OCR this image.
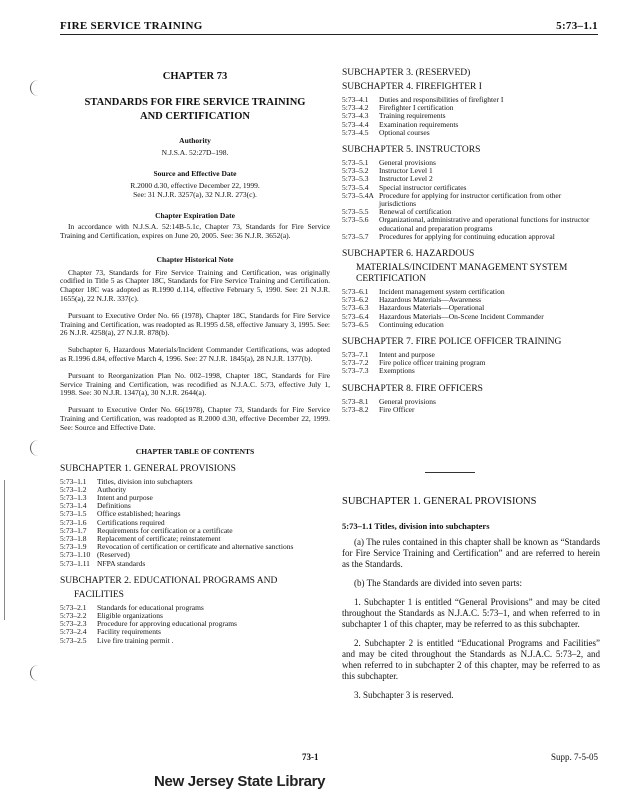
FIRE SERVICE TRAINING	5:73–1.1
CHAPTER 73
STANDARDS FOR FIRE SERVICE TRAINING
AND CERTIFICATION
Authority
N.J.S.A. 52:27D–198.
Source and Effective Date
R.2000 d.30, effective December 22, 1999.
See: 31 N.J.R. 3257(a), 32 N.J.R. 273(c).
Chapter Expiration Date

In accordance with N.J.S.A. 52:14B-5.1c, Chapter 73, Standards for Fire Service Training and Certification, expires on June 20, 2005. See: 36 N.J.R. 3652(a).

Chapter Historical Note

Chapter 73, Standards for Fire Service Training and Certification, was originally codified in Title 5 as Chapter 18C, Standards for Fire Service Training and Certification. Chapter 18C was adopted as R.1990 d.114, effective February 5, 1990. See: 21 N.J.R. 1655(a), 22 N.J.R. 337(c).

Pursuant to Executive Order No. 66 (1978), Chapter 18C, Standards for Fire Service Training and Certification, was readopted as R.1995 d.58, effective January 3, 1995. See: 26 N.J.R. 4258(a), 27 N.J.R. 878(b).

Subchapter 6, Hazardous Materials/Incident Commander Certifications, was adopted as R.1996 d.84, effective March 4, 1996. See: 27 N.J.R. 1845(a), 28 N.J.R. 1377(b).

Pursuant to Reorganization Plan No. 002–1998, Chapter 18C, Standards for Fire Service Training and Certification, was recodified as N.J.A.C. 5:73, effective July 1, 1998. See: 30 N.J.R. 1347(a), 30 N.J.R. 2644(a).

Pursuant to Executive Order No. 66(1978), Chapter 73, Standards for Fire Service Training and Certification, was readopted as R.2000 d.30, effective December 22, 1999. See: Source and Effective Date.

CHAPTER TABLE OF CONTENTS
SUBCHAPTER 1. GENERAL PROVISIONS
5:73–1.1	Titles, division into subchapters
5:73–1.2	Authority
5:73–1.3	Intent and purpose
5:73–1.4	Definitions
5:73–1.5	Office established; hearings
5:73–1.6	Certifications required
5:73–1.7	Requirements for certification or a certificate
5:73–1.8	Replacement of certificate; reinstatement
5:73–1.9	Revocation of certification or certificate and alternative sanctions
5:73–1.10 (Reserved)
5:73–1.11 NFPA standards
SUBCHAPTER 2. EDUCATIONAL PROGRAMS AND
FACILITIES
5:73–2.1	Standards for educational programs
5:73–2.2	Eligible organizations
5:73–2.3	Procedure for approving educational programs
5:73–2.4	Facility requirements
5:73–2.5	Live fire training permit .
SUBCHAPTER 3. (RESERVED)
SUBCHAPTER 4. FIREFIGHTER I
5:73–4.1	Duties and responsibilities of firefighter I
5:73–4.2	Firefighter I certification
5:73–4.3	Training requirements
5:73–4.4	Examination requirements
5:73–4.5	Optional courses
SUBCHAPTER 5. INSTRUCTORS
5:73–5.1	General provisions
5:73–5.2	Instructor Level 1
5:73–5.3	Instructor Level 2
5:73–5.4	Special instructor certificates
5:73–5.4A Procedure for applying for instructor certification from other jurisdictions
5:73–5.5	Renewal of certification
5:73–5.6	Organizational, administrative and operational functions for instructor educational and preparation programs
5:73–5.7	Procedures for applying for continuing education approval
SUBCHAPTER 6. HAZARDOUS
MATERIALS/INCIDENT MANAGEMENT SYSTEM CERTIFICATION
5:73–6.1	Incident management system certification
5:73–6.2	Hazardous Materials—Awareness
5:73–6.3	Hazardous Materials—Operational
5:73–6.4	Hazardous Materials—On-Scene Incident Commander
5:73–6.5	Continuing education
SUBCHAPTER 7. FIRE POLICE OFFICER TRAINING
5:73–7.1	Intent and purpose
5:73–7.2	Fire police officer training program
5:73–7.3	Exemptions
SUBCHAPTER 8. FIRE OFFICERS
5:73–8.1	General provisions
5:73–8.2	Fire Officer
SUBCHAPTER 1. GENERAL PROVISIONS
5:73–1.1 Titles, division into subchapters

(a) The rules contained in this chapter shall be known as “Standards for Fire Service Training and Certification” and are referred to herein as the Standards.

(b) The Standards are divided into seven parts:

1. Subchapter 1 is entitled “General Provisions” and may be cited throughout the Standards as N.J.A.C. 5:73–1, and when referred to in subchapter 1 of this chapter, may be referred to as this subchapter.

2. Subchapter 2 is entitled “Educational Programs and Facilities” and may be cited throughout the Standards as N.J.A.C. 5:73–2, and when referred to in subchapter 2 of this chapter, may be referred to as this subchapter.

3. Subchapter 3 is reserved.

73-1	Supp. 7-5-05
New Jersey State Library
